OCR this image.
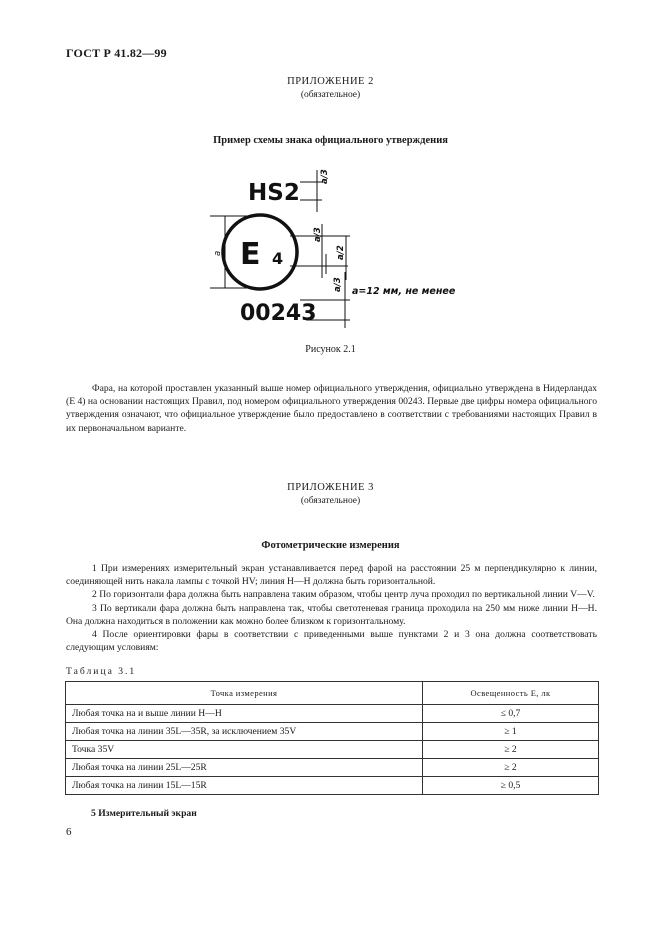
ГОСТ Р 41.82—99
ПРИЛОЖЕНИЕ 2
(обязательное)
Пример схемы знака официального утверждения
HS2
a/3
E 4
a
a/3
a/2
a/3
00243
a=12 мм, не менее
Рисунок 2.1

Фара, на которой проставлен указанный выше номер официального утверждения, официально утверждена в Нидерландах (E 4) на основании настоящих Правил, под номером официального утверждения 00243. Первые две цифры номера официального утверждения означают, что официальное утверждение было предоставлено в соответствии с требованиями настоящих Правил в их первоначальном варианте.

ПРИЛОЖЕНИЕ 3
(обязательное)
Фотометрические измерения

1 При измерениях измерительный экран устанавливается перед фарой на расстоянии 25 м перпендикулярно к линии, соединяющей нить накала лампы с точкой HV; линия H—H должна быть горизонтальной.

2 По горизонтали фара должна быть направлена таким образом, чтобы центр луча проходил по вертикальной линии V—V.

3 По вертикали фара должна быть направлена так, чтобы светотеневая граница проходила на 250 мм ниже линии H—H. Она должна находиться в положении как можно более близком к горизонтальному.

4 После ориентировки фары в соответствии с приведенными выше пунктами 2 и 3 она должна соответствовать следующим условиям:

Таблица 3.1
Точка измерения	Освещенность E, лк
Любая точка на и выше линии H—H	≤ 0,7
Любая точка на линии 35L—35R, за исключением 35V	≥ 1
Точка 35V	≥ 2
Любая точка на линии 25L—25R	≥ 2
Любая точка на линии 15L—15R	≥ 0,5
5 Измерительный экран
6
